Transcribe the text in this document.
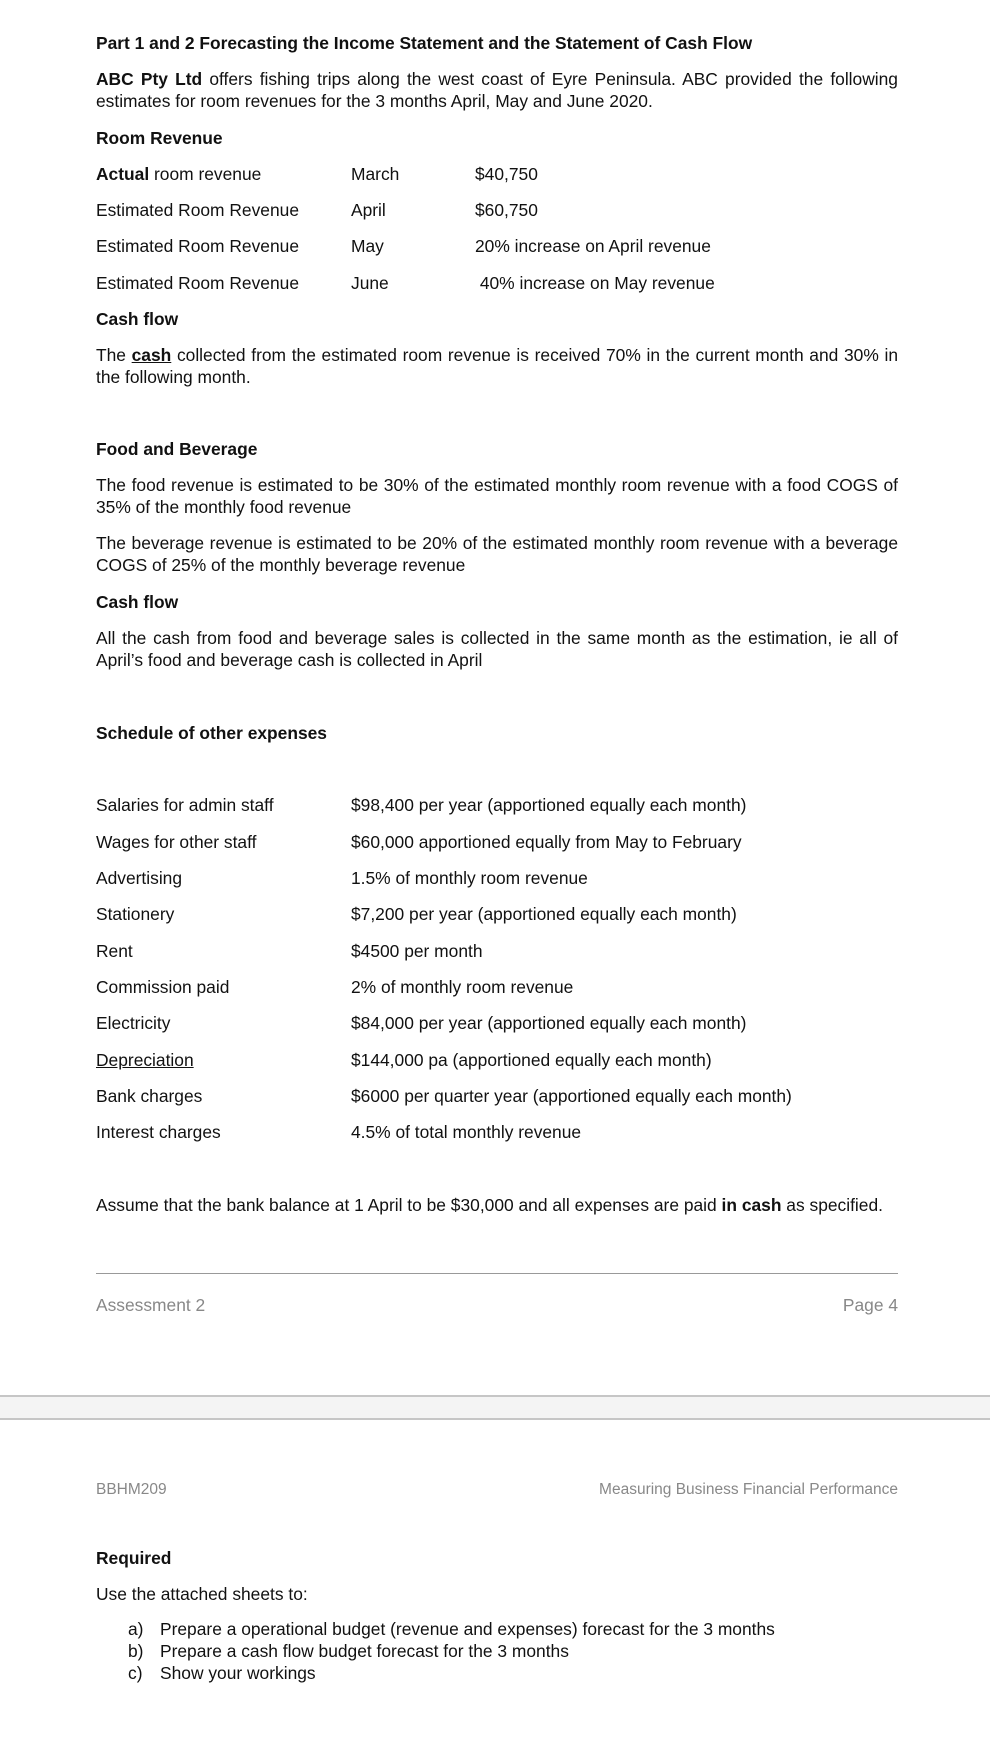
Part 1 and 2 Forecasting the Income Statement and the Statement of Cash Flow
ABC Pty Ltd offers fishing trips along the west coast of Eyre Peninsula. ABC provided the following estimates for room revenues for the 3 months April, May and June 2020.
Room Revenue
Actual room revenue	March	$40,750
Estimated Room Revenue	April	$60,750
Estimated Room Revenue	May	20% increase on April revenue
Estimated Room Revenue	June	40% increase on May revenue
Cash flow
The cash collected from the estimated room revenue is received 70% in the current month and 30% in the following month.
Food and Beverage
The food revenue is estimated to be 30% of the estimated monthly room revenue with a food COGS of 35% of the monthly food revenue
The beverage revenue is estimated to be 20% of the estimated monthly room revenue with a beverage COGS of 25% of the monthly beverage revenue
Cash flow
All the cash from food and beverage sales is collected in the same month as the estimation, ie all of April’s food and beverage cash is collected in April
Schedule of other expenses
Salaries for admin staff	$98,400 per year (apportioned equally each month)
Wages for other staff	$60,000 apportioned equally from May to February
Advertising	1.5% of monthly room revenue
Stationery	$7,200 per year (apportioned equally each month)
Rent	$4500 per month
Commission paid	2% of monthly room revenue
Electricity	$84,000 per year (apportioned equally each month)
Depreciation	$144,000 pa (apportioned equally each month)
Bank charges	$6000 per quarter year (apportioned equally each month)
Interest charges	4.5% of total monthly revenue
Assume that the bank balance at 1 April to be $30,000 and all expenses are paid in cash as specified.
Assessment 2	Page 4
BBHM209	Measuring Business Financial Performance
Required
Use the attached sheets to:
a) Prepare a operational budget (revenue and expenses) forecast for the 3 months
b) Prepare a cash flow budget forecast for the 3 months
c) Show your workings
